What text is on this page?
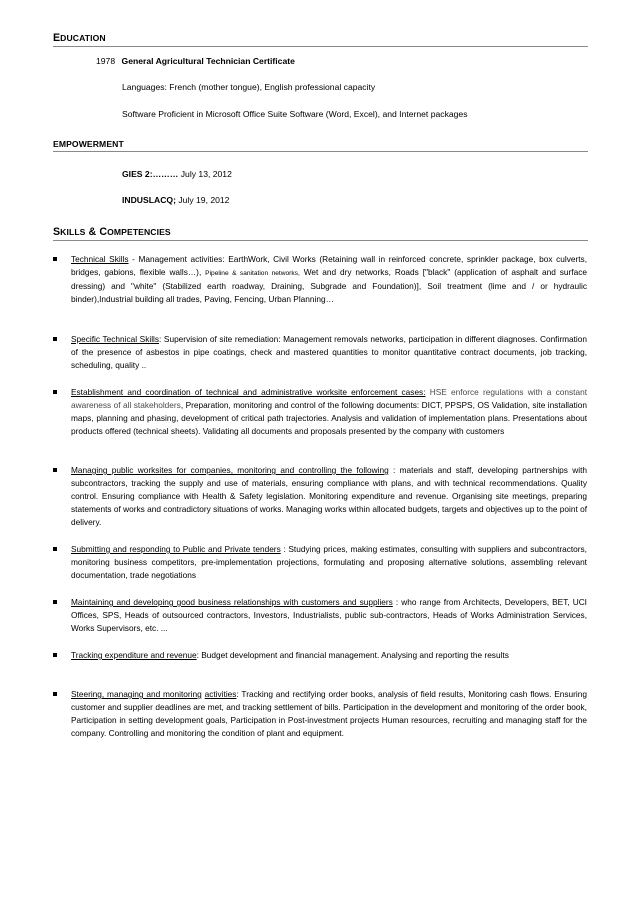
EDUCATION
1978 General Agricultural Technician Certificate
Languages: French (mother tongue), English professional capacity
Software Proficient in Microsoft Office Suite Software (Word, Excel), and Internet packages
EMPOWERMENT
GIES 2:……… July 13, 2012
INDUSLACQ; July 19, 2012
SKILLS & COMPETENCIES
Technical Skills - Management activities: EarthWork, Civil Works (Retaining wall in reinforced concrete, sprinkler package, box culverts, bridges, gabions, flexible walls…), Pipeline & sanitation networks, Wet and dry networks, Roads ["black" (application of asphalt and surface dressing) and "white" (Stabilized earth roadway, Draining, Subgrade and Foundation)], Soil treatment (lime and / or hydraulic binder),Industrial building all trades, Paving, Fencing, Urban Planning…
Specific Technical Skills: Supervision of site remediation: Management removals networks, participation in different diagnoses. Confirmation of the presence of asbestos in pipe coatings, check and mastered quantities to monitor quantitative contract documents, job tracking, scheduling, quality ..
Establishment and coordination of technical and administrative worksite enforcement cases: HSE enforce regulations with a constant awareness of all stakeholders, Preparation, monitoring and control of the following documents: DICT, PPSPS, OS Validation, site installation maps, planning and phasing, development of critical path trajectories. Analysis and validation of implementation plans. Presentations about products offered (technical sheets). Validating all documents and proposals presented by the company with customers
Managing public worksites for companies, monitoring and controlling the following : materials and staff, developing partnerships with subcontractors, tracking the supply and use of materials, ensuring compliance with plans, and with technical recommendations. Quality control. Ensuring compliance with Health & Safety legislation. Monitoring expenditure and revenue. Organising site meetings, preparing statements of works and contradictory situations of works. Managing works within allocated budgets, targets and objectives up to the point of delivery.
Submitting and responding to Public and Private tenders : Studying prices, making estimates, consulting with suppliers and subcontractors, monitoring business competitors, pre-implementation projections, formulating and proposing alternative solutions, assembling relevant documentation, trade negotiations
Maintaining and developing good business relationships with customers and suppliers : who range from Architects, Developers, BET, UCI Offices, SPS, Heads of outsourced contractors, Investors, Industrialists, public sub-contractors, Heads of Works Administration Services, Works Supervisors, etc. ...
Tracking expenditure and revenue: Budget development and financial management. Analysing and reporting the results
Steering, managing and monitoring activities: Tracking and rectifying order books, analysis of field results, Monitoring cash flows. Ensuring customer and supplier deadlines are met, and tracking settlement of bills. Participation in the development and monitoring of the order book, Participation in setting development goals, Participation in Post-investment projects Human resources, recruiting and managing staff for the company. Controlling and monitoring the condition of plant and equipment.
